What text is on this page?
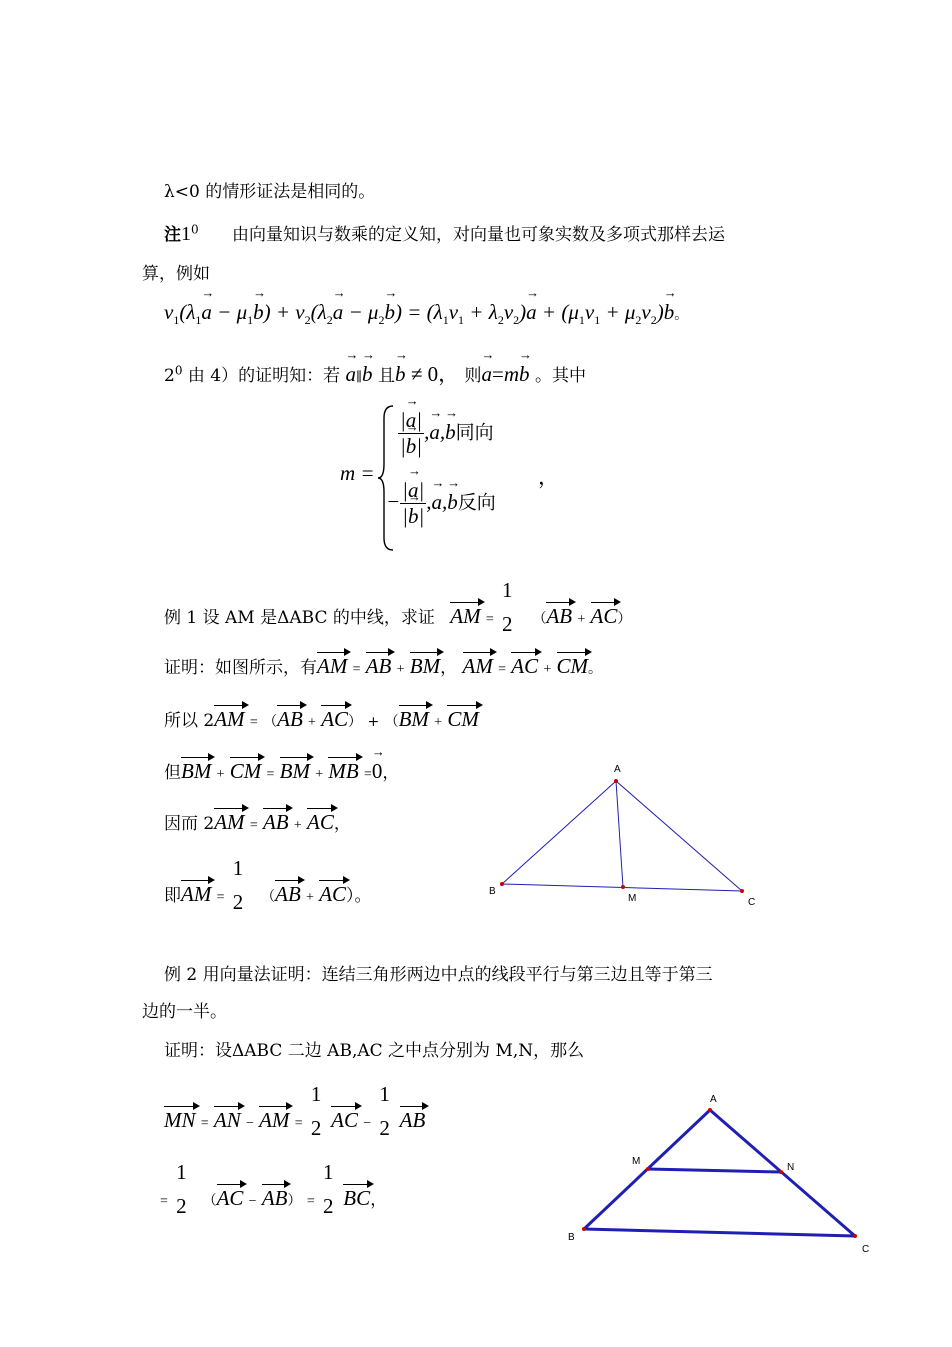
λ<0 的情形证法是相同的。
注$1^0$ 由向量知识与数乘的定义知，对向量也可象实数及多项式那样去运
算，例如
$v_1(\lambda_1a$ → − $\mu_1b$ →) + $v_2(\lambda_2a$ → − $\mu_2b$ →) = $(\lambda_1v_1 + \lambda_2v_2)a$ → + $(\mu_1v_1 + \mu_2v_2)b$ →。
$2^0$ 由 4）的证明知：若 a →∥b → 且b → ≠ 0， 则a →=mb → 。其中
m =
$\frac{|a \to|}{|b \to|} ,a \to,b$ →同向
− $\frac{|a \to|}{|b \to|} ,a \to,b$ →反向
，
例 1 设 AM 是ΔABC 的中线，求证 AM =
1
2 （AB + AC）
证明：如图所示，有AM = AB + BM， AM = AC + CM。
所以 2AM = （AB + AC） + （BM + CM
但BM + CM = BM + MB =0 →，
因而 2AM = AB + AC，
即AM =
1
2 （AB + AC）。
A
B
M	C
例 2 用向量法证明：连结三角形两边中点的线段平行与第三边且等于第三
边的一半。
证明：设ΔABC 二边 AB,AC 之中点分别为 M,N，那么
MN = AN − AM =
1
2 AC −
1
2 AB
=
1
2 （AC − AB） =
1
2 BC，
A
M
N
B
C
